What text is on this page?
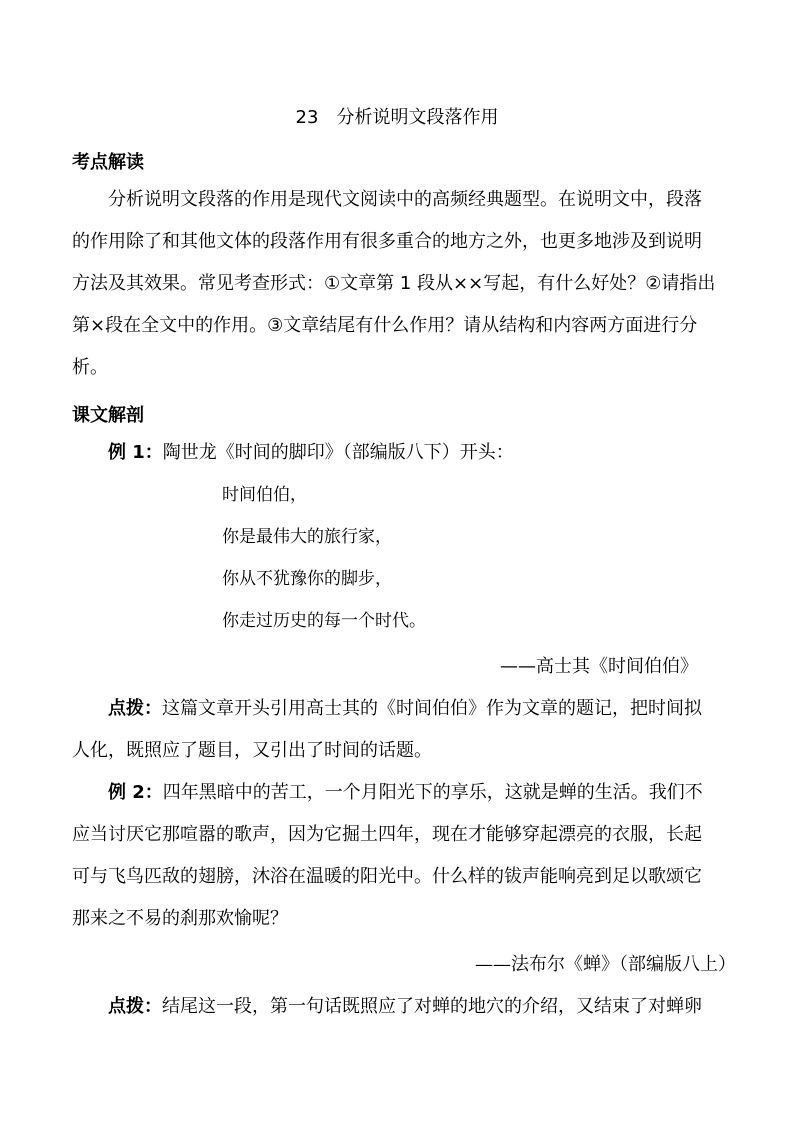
23 分析说明文段落作用
考点解读
分析说明文段落的作用是现代文阅读中的高频经典题型。在说明文中，段落
的作用除了和其他文体的段落作用有很多重合的地方之外，也更多地涉及到说明
方法及其效果。常见考查形式：①文章第 1 段从××写起，有什么好处？②请指出
第×段在全文中的作用。③文章结尾有什么作用？请从结构和内容两方面进行分
析。
课文解剖
例 1：陶世龙《时间的脚印》（部编版八下）开头：
时间伯伯，
你是最伟大的旅行家，
你从不犹豫你的脚步，
你走过历史的每一个时代。
——高士其《时间伯伯》
点拨：这篇文章开头引用高士其的《时间伯伯》作为文章的题记，把时间拟
人化，既照应了题目，又引出了时间的话题。
例 2：四年黑暗中的苦工，一个月阳光下的享乐，这就是蝉的生活。我们不
应当讨厌它那喧嚣的歌声，因为它掘土四年，现在才能够穿起漂亮的衣服，长起
可与飞鸟匹敌的翅膀，沐浴在温暖的阳光中。什么样的钹声能响亮到足以歌颂它
那来之不易的刹那欢愉呢？
——法布尔《蝉》（部编版八上）
点拨：结尾这一段，第一句话既照应了对蝉的地穴的介绍，又结束了对蝉卵
